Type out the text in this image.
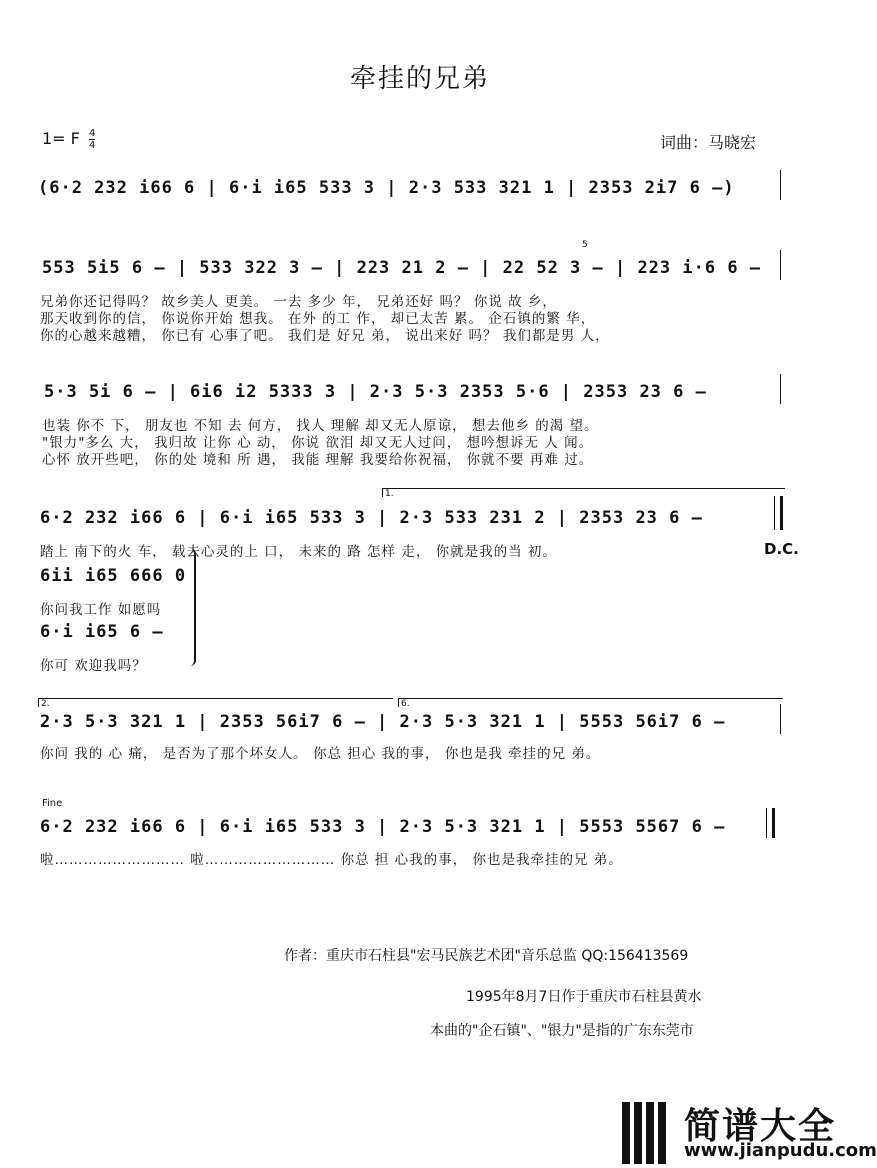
牵挂的兄弟
1= F $\frac{4}{4}$	词曲：马晓宏
(6·2 232 i66 6 | 6·i i65 533 3 | 2·3 533 321 1 | 2353 2i7 6 —)
553 5i5 6 — | 533 322 3 — | 223 21 2 — | 22 52 3 — | 223 i·6 6 —
5
兄弟你还记得吗？ 故乡美人 更美。 一去 多少 年， 兄弟还好 吗？ 你说 故 乡，
那天收到你的信， 你说你开始 想我。 在外 的工 作， 却已太苦 累。 企石镇的繁 华，
你的心越来越糟， 你已有 心事了吧。 我们是 好兄 弟， 说出来好 吗？ 我们都是男 人，
5·3 5i 6 — | 6i6 i2 5333 3 | 2·3 5·3 2353 5·6 | 2353 23 6 —
也装 你不 下， 朋友也 不知 去 何方， 找人 理解 却又无人原谅， 想去他乡 的渴 望。
"银力"多么 大， 我归故 让你 心 动， 你说 欲泪 却又无人过问， 想吟想诉无 人 闻。
心怀 放开些吧， 你的处 境和 所 遇， 我能 理解 我要给你祝福， 你就不要 再难 过。
1.
6·2 232 i66 6 | 6·i i65 533 3 | 2·3 533 231 2 | 2353 23 6 —
踏上 南下的火 车， 载去心灵的上 口， 未来的 路 怎样 走， 你就是我的当 初。	D.C.
6ii i65 666 0
你问我工作 如愿吗
6·i i65 6 —
你可 欢迎我吗？
2.	6.
2·3 5·3 321 1 | 2353 56i7 6 — | 2·3 5·3 321 1 | 5553 56i7 6 —
你问 我的 心 痛， 是否为了那个坏女人。 你总 担心 我的事， 你也是我 牵挂的兄 弟。
Fine
6·2 232 i66 6 | 6·i i65 533 3 | 2·3 5·3 321 1 | 5553 5567 6 —
啦……………………… 啦……………………… 你总 担 心我的事， 你也是我牵挂的兄 弟。
作者：重庆市石柱县"宏马民族艺术团"音乐总监 QQ:156413569
1995年8月7日作于重庆市石柱县黄水
本曲的"企石镇"、"银力"是指的广东东莞市
简谱大全
www.jianpudu.com
